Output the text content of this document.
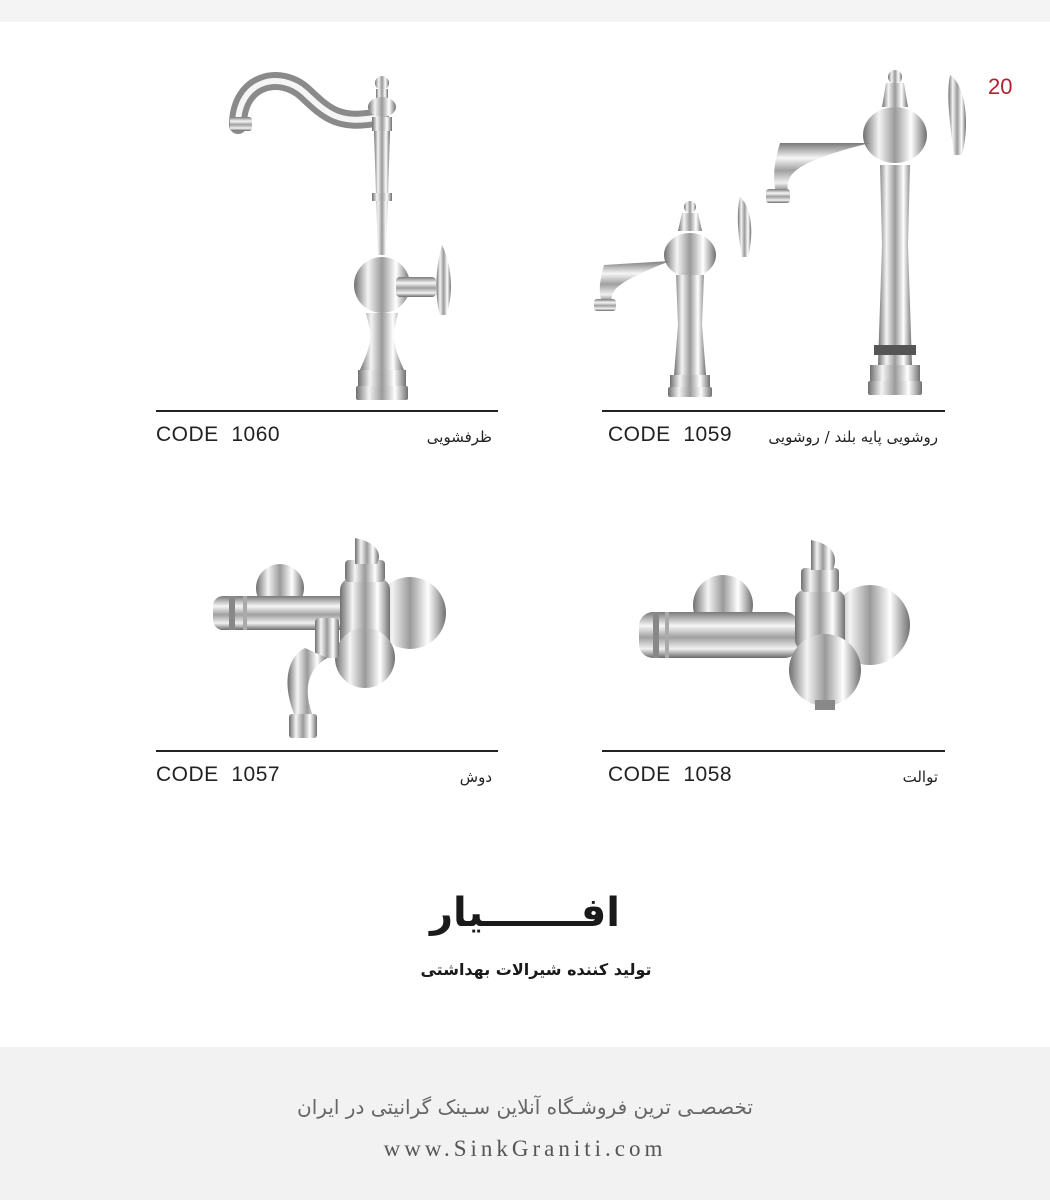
20
CODE  1060	ظرفشویی	CODE  1059 روشویی پایه بلند / روشویی
CODE  1057	دوش	CODE  1058	توالت
افـــــــیار
تولید کننده شیرالات بهداشتی
تخصصـی ترین فروشـگاه آنلاین سـینک گرانیتی در ایران
www.SinkGraniti.com
